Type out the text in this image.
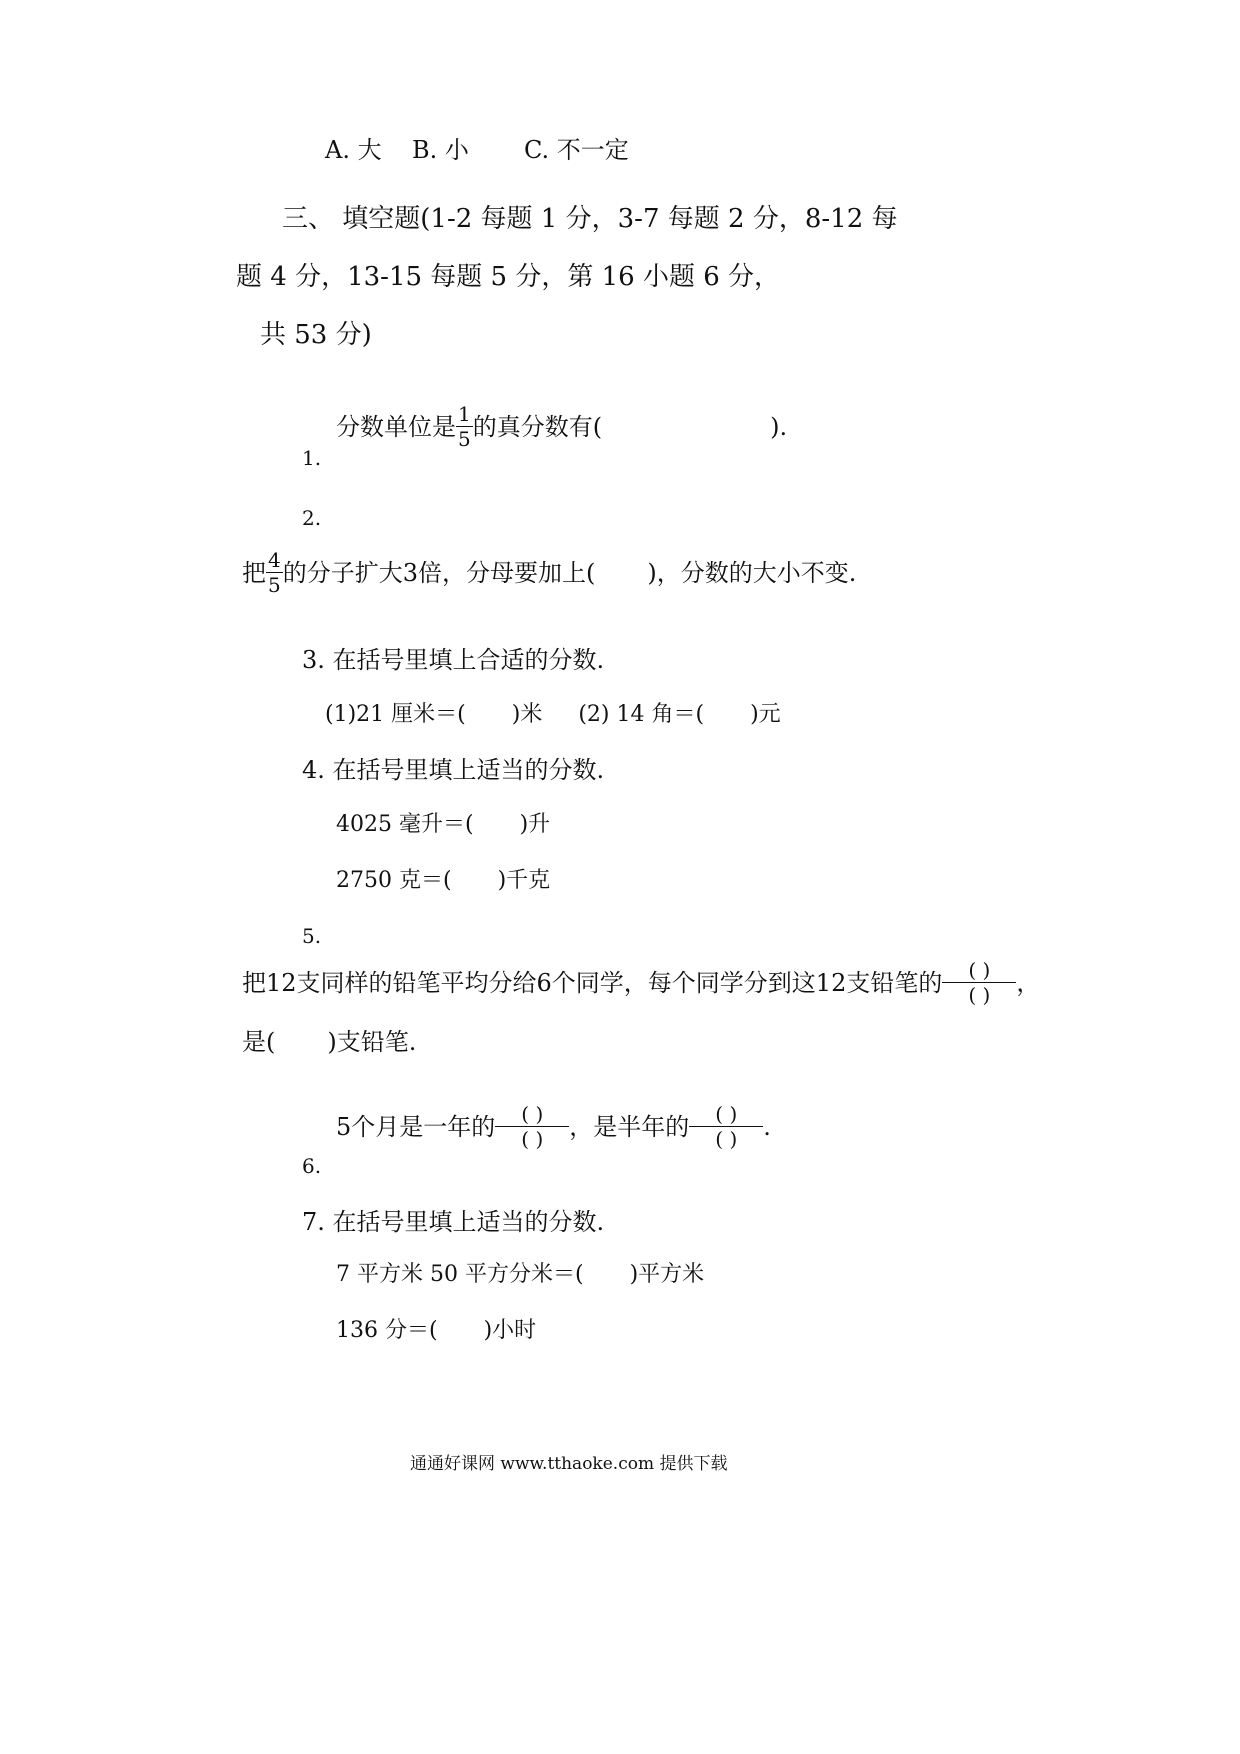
A. 大 B. 小 C. 不一定
三、 填空题(1-2 每题 1 分，3-7 每题 2 分，8-12 每
题 4 分，13-15 每题 5 分，第 16 小题 6 分，
共 53 分)
1.
分数单位是 $\frac{1}{5}$ 的真分数有(	).
2.
把 $\frac{4}{5}$ 的分子扩大3倍，分母要加上( )，分数的大小不变.
3. 在括号里填上合适的分数.
(1)21 厘米＝( )米 (2) 14 角＝( )元
4. 在括号里填上适当的分数.
4025 毫升＝( )升
2750 克＝( )千克
5.
把12支同样的铅笔平均分给6个同学，每个同学分到这12支铅笔的 $\frac{( )}{( )}$ ，
是( )支铅笔.
6.
5个月是一年的 $\frac{( )}{( )}$ ，是半年的 $\frac{( )}{( )}$ .
7. 在括号里填上适当的分数.
7 平方米 50 平方分米＝( )平方米
136 分＝( )小时
通通好课网 www.tthaoke.com 提供下载
